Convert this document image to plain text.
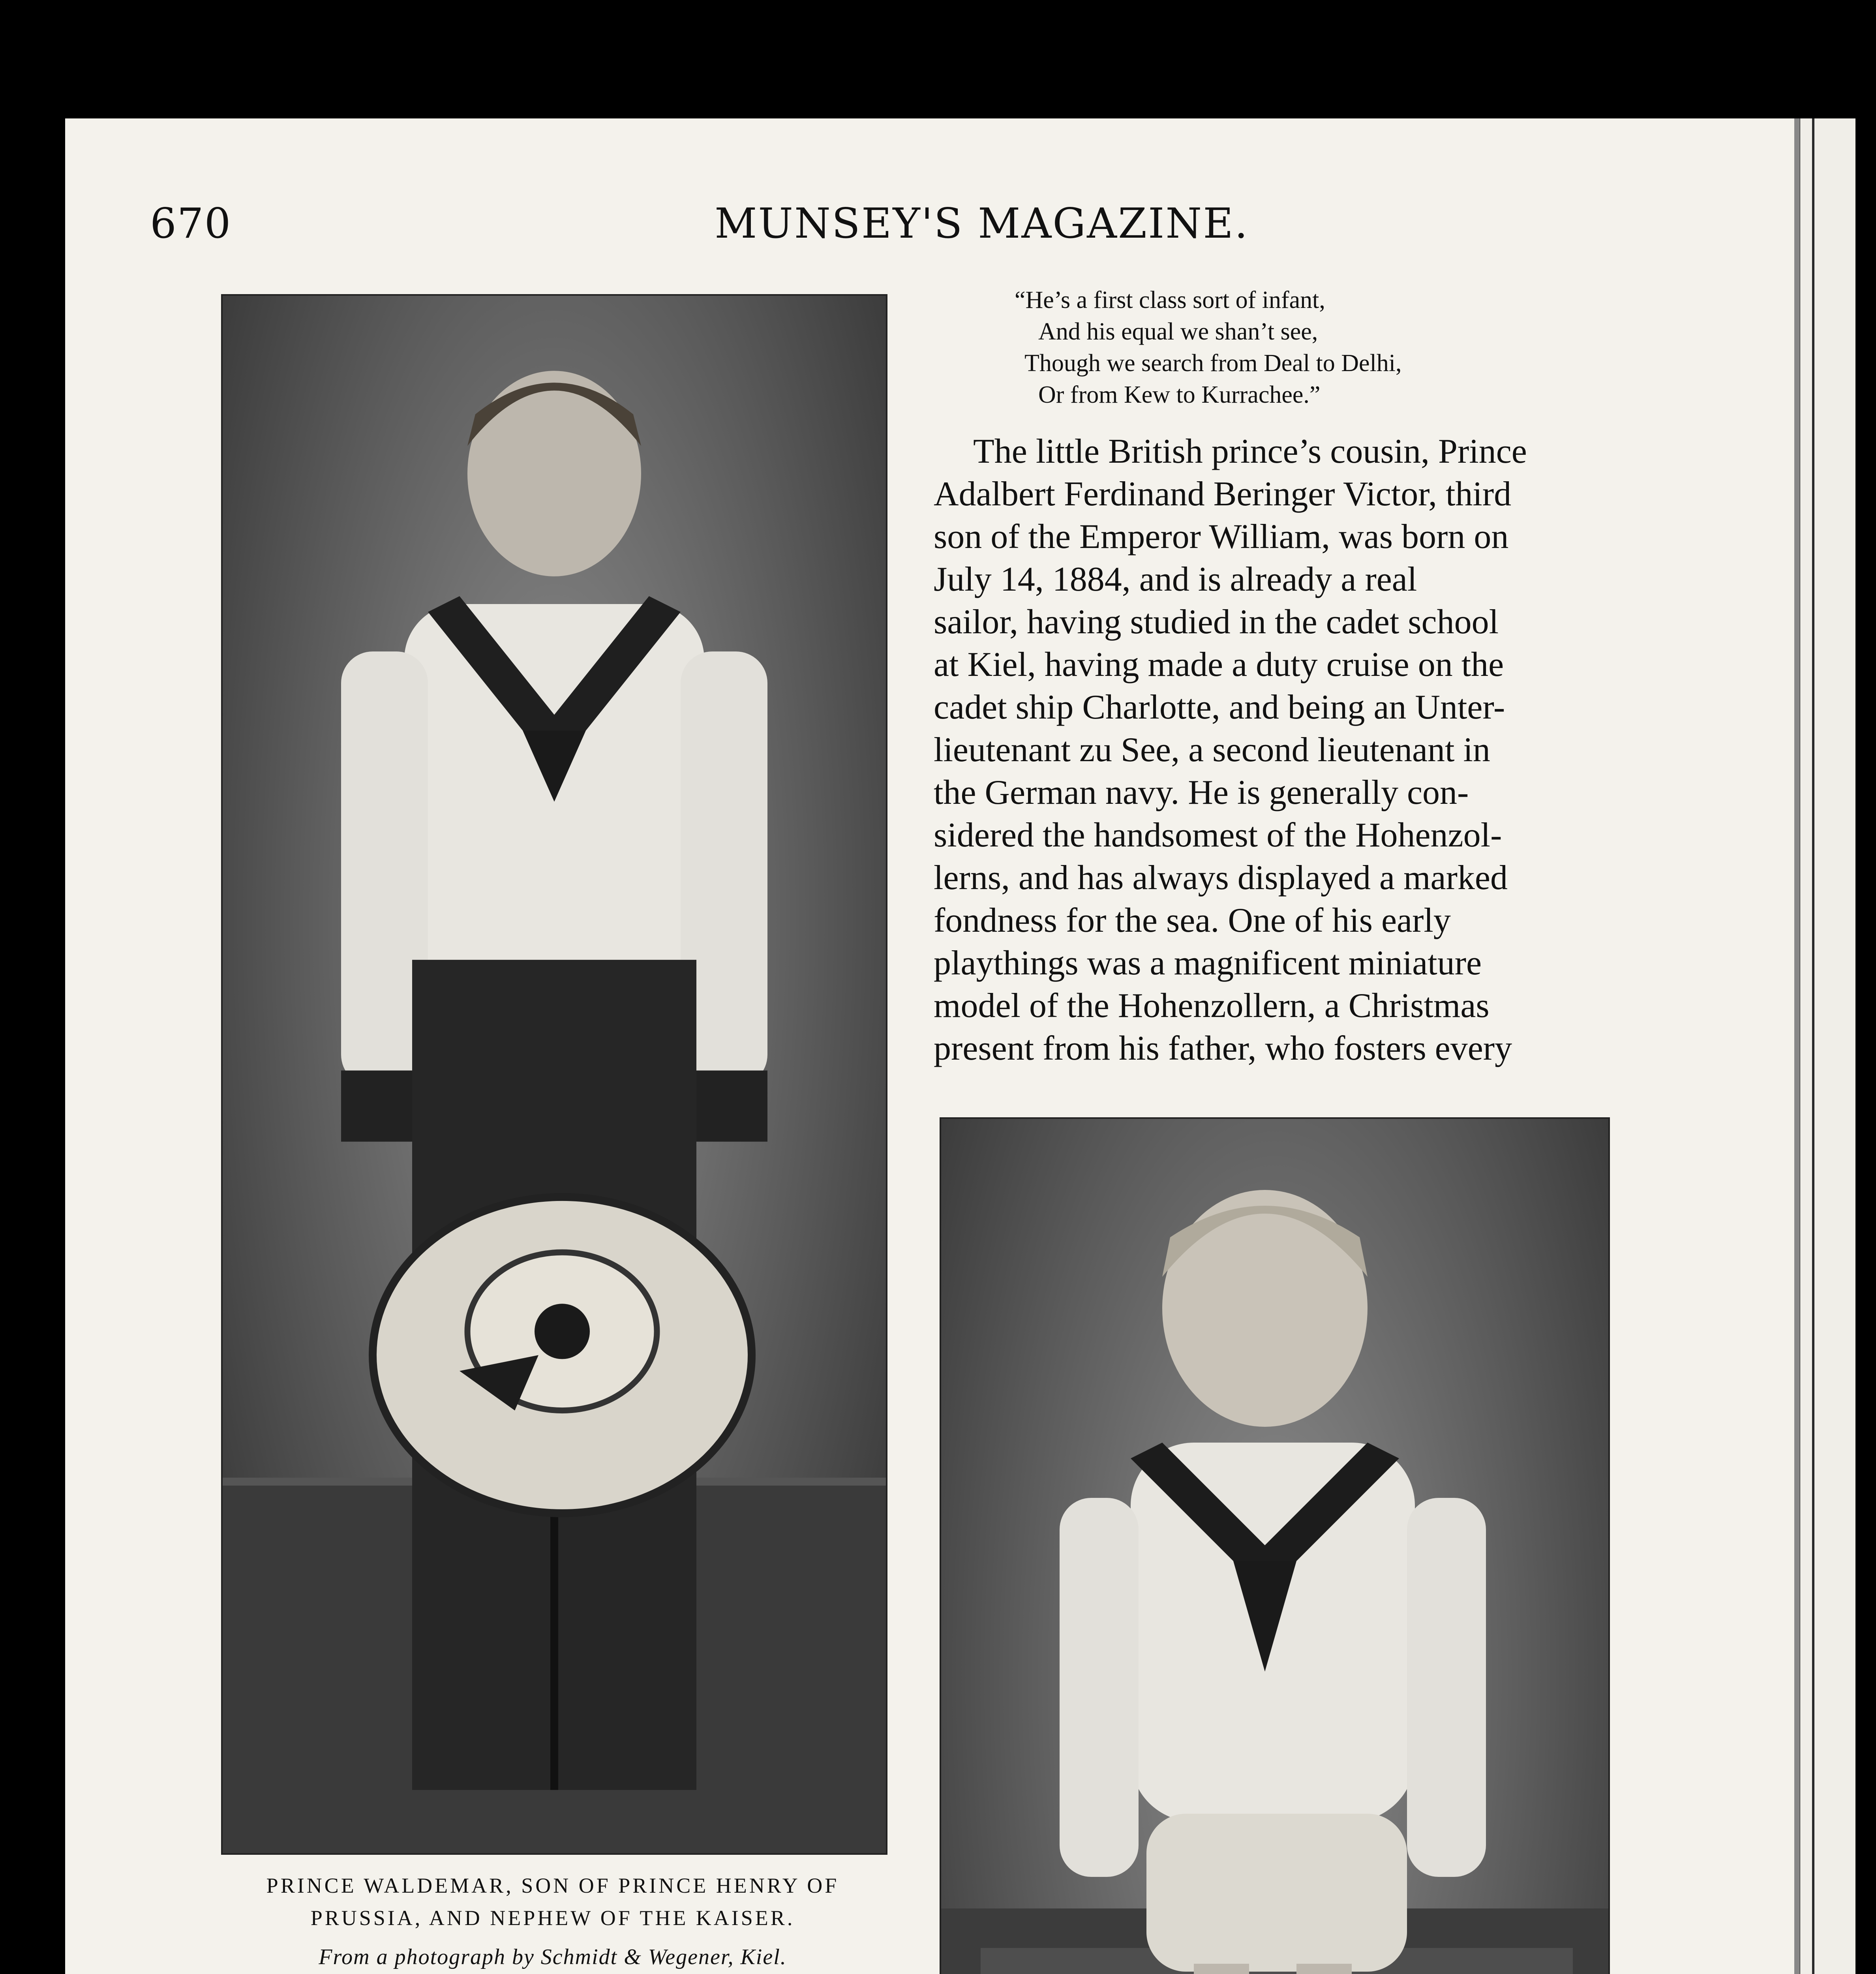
670	MUNSEY'S MAGAZINE.
PRINCE WALDEMAR, SON OF PRINCE HENRY OF
PRUSSIA, AND NEPHEW OF THE KAISER.
From a photograph by Schmidt & Wegener, Kiel.
“He’s a first class sort of infant,
And his equal we shan’t see,
Though we search from Deal to Delhi,
Or from Kew to Kurrachee.”

The little British prince’s cousin, Prince

Adalbert Ferdinand Beringer Victor, third

son of the Emperor William, was born on

July 14, 1884, and is already a real

sailor, having studied in the cadet school

at Kiel, having made a duty cruise on the

cadet ship Charlotte, and being an Unter-

lieutenant zu See, a second lieutenant in

the German navy. He is generally con-

sidered the handsomest of the Hohenzol-

lerns, and has always displayed a marked

fondness for the sea. One of his early

playthings was a magnificent miniature

model of the Hohenzollern, a Christmas

present from his father, who fosters every
